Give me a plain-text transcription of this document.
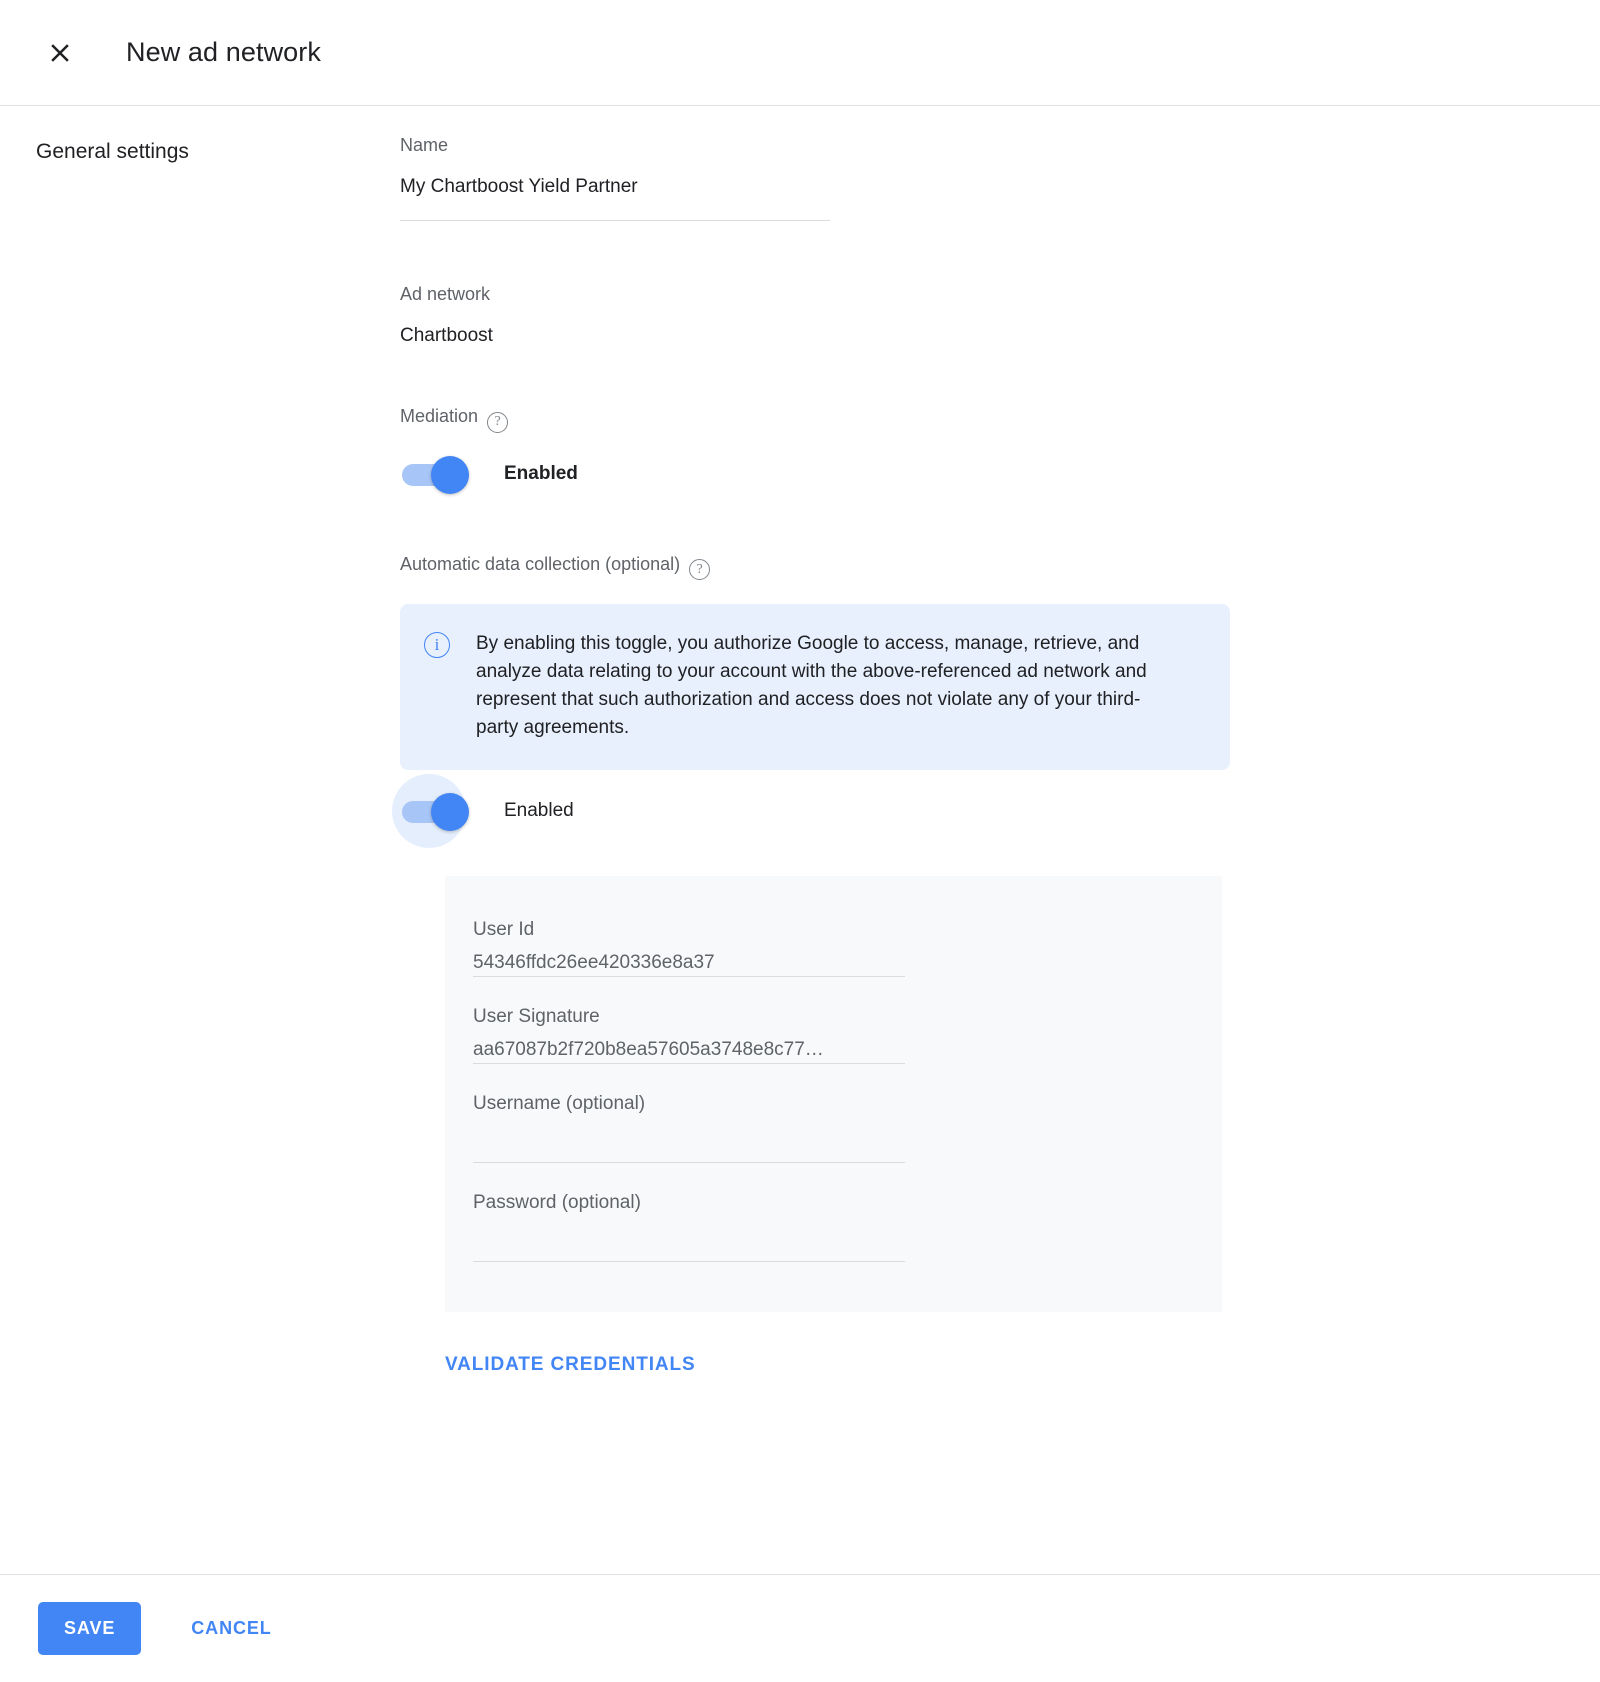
New ad network
General settings	Name
My Chartboost Yield Partner
Ad network
Chartboost
Mediation ?
Enabled
Automatic data collection (optional) ?
i	By enabling this toggle, you authorize Google to access, manage, retrieve, and analyze data relating to your account with the above-referenced ad network and represent that such authorization and access does not violate any of your third-party agreements.
Enabled
User Id
54346ffdc26ee420336e8a37
User Signature
aa67087b2f720b8ea57605a3748e8c77…
Username (optional)
Password (optional)
VALIDATE CREDENTIALS
SAVE	CANCEL
